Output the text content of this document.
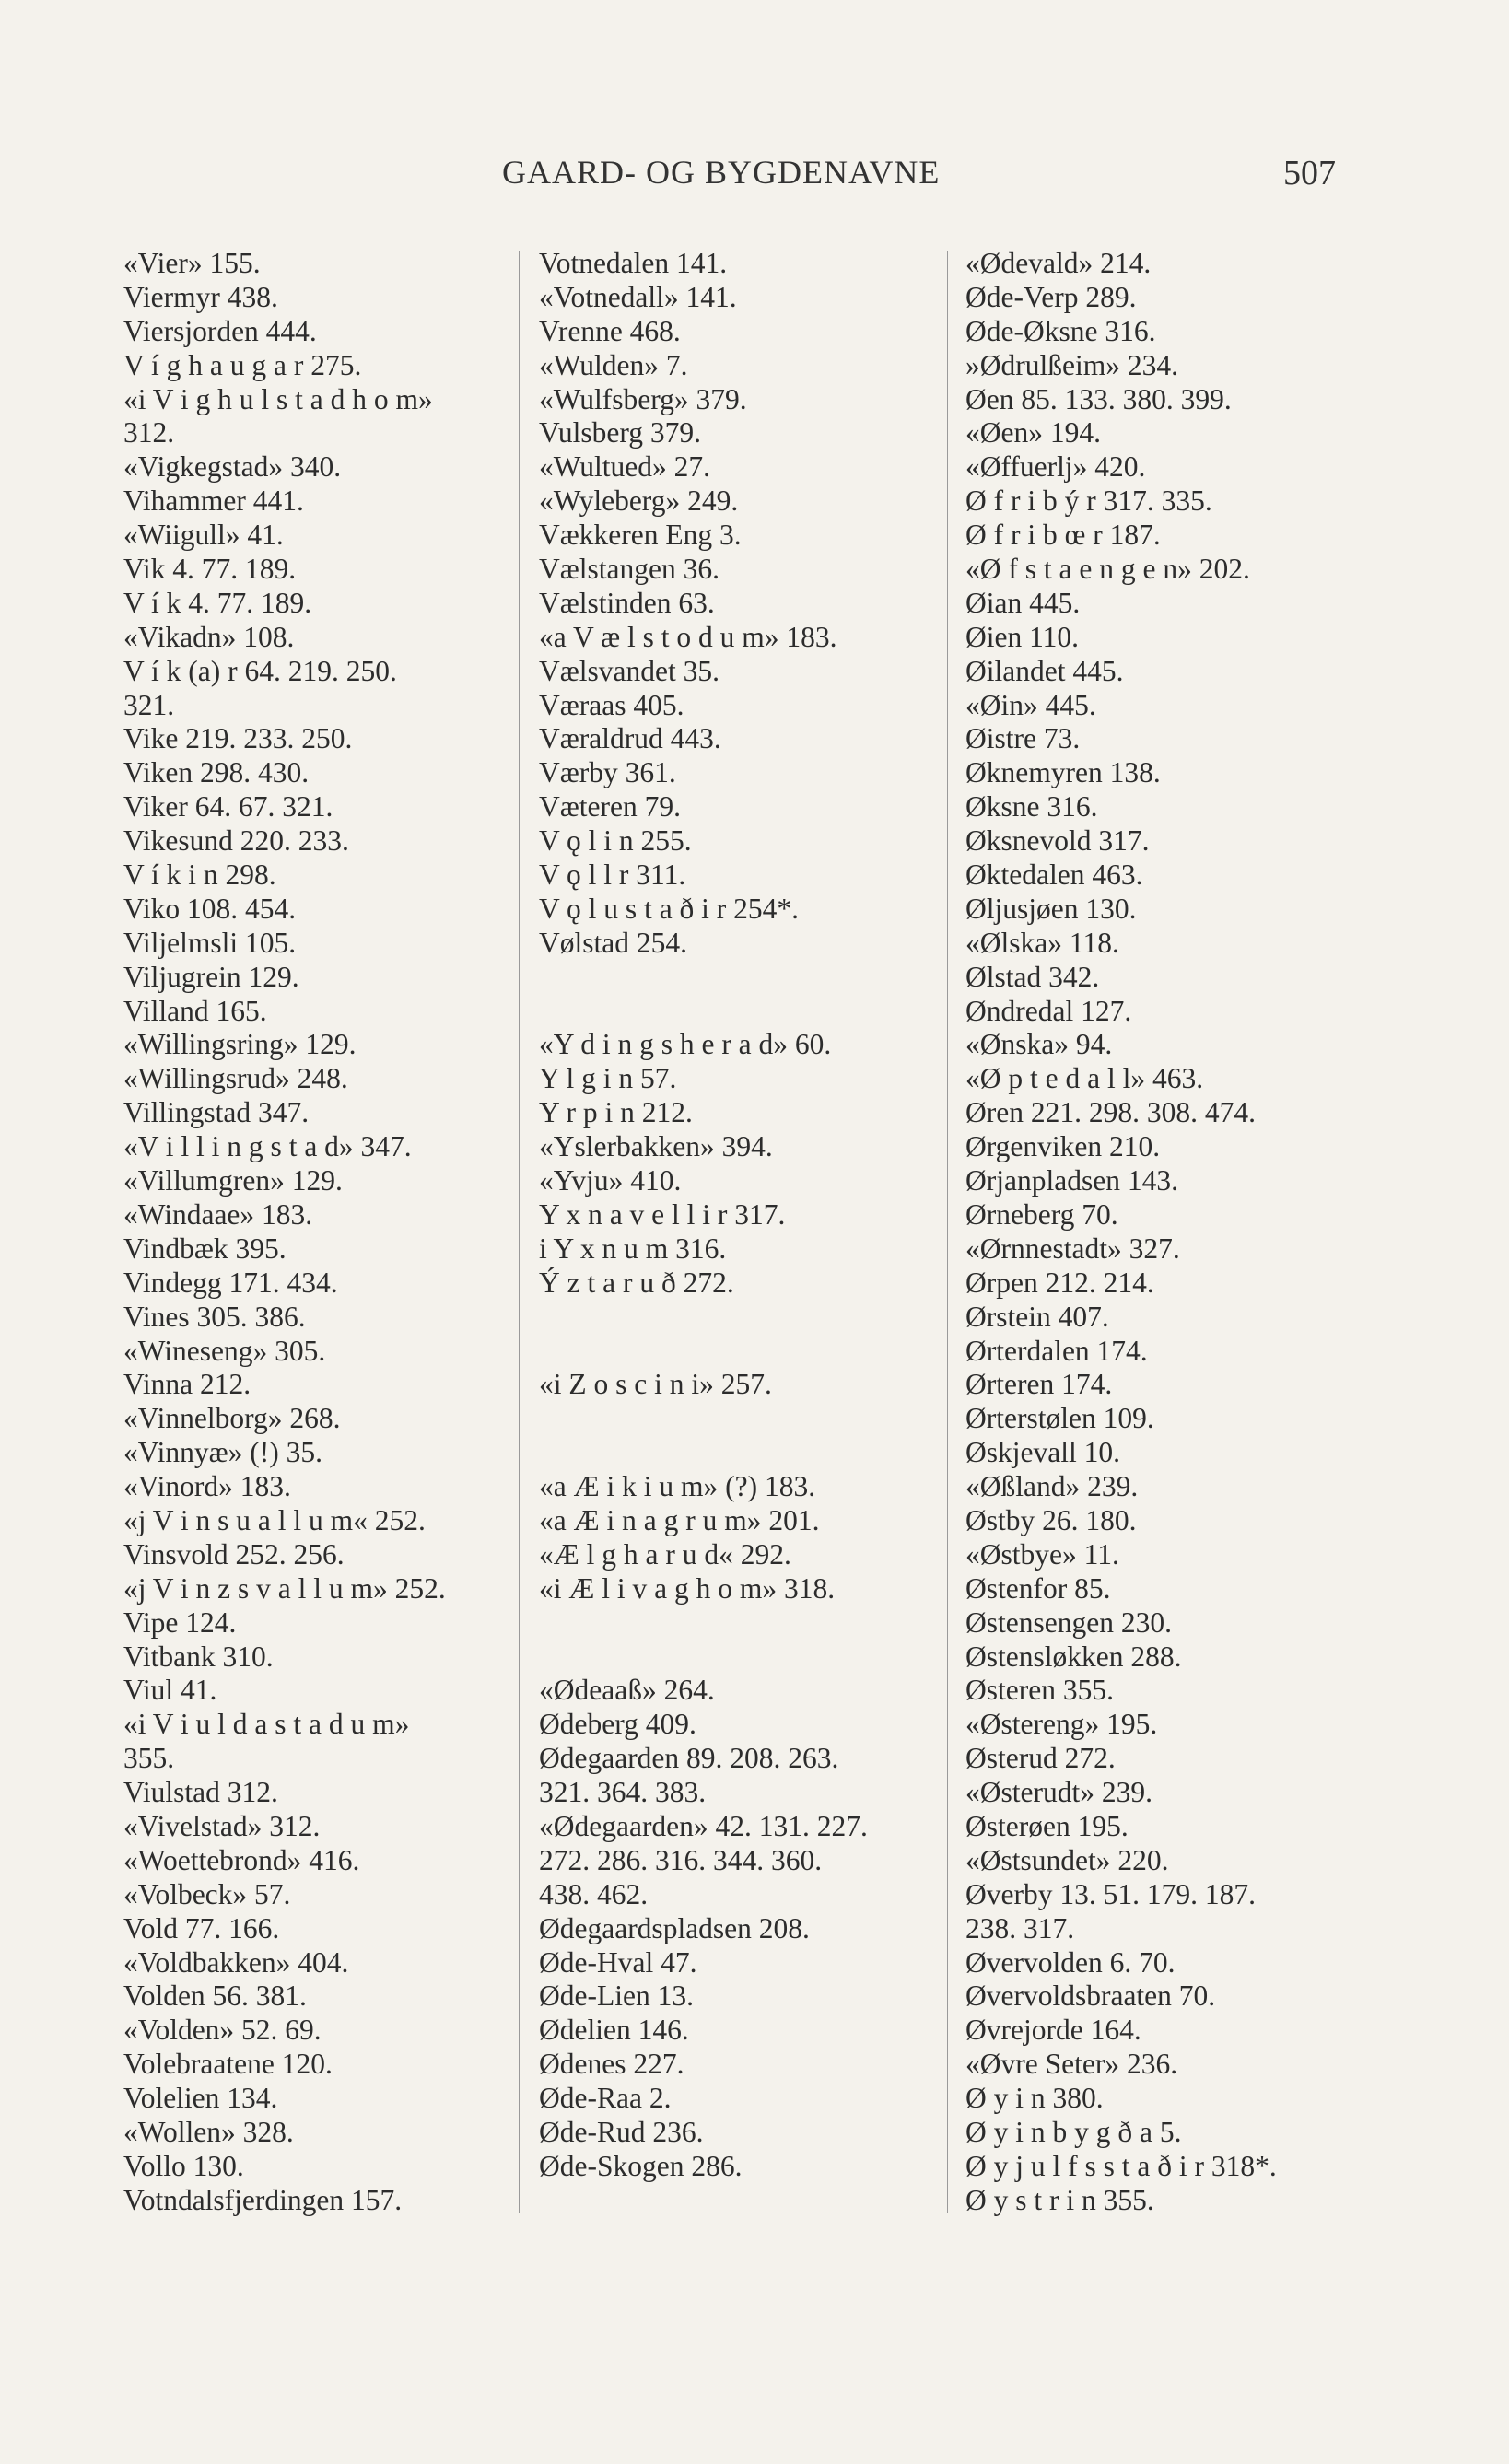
GAARD- OG BYGDENAVNE	507
«Vier» 155.
Viermyr 438.
Viersjorden 444.
V í g h a u g a r 275.
«i V i g h u l s t a d h o m»
312.
«Vigkegstad» 340.
Vihammer 441.
«Wiigull» 41.
Vik 4. 77. 189.
V í k 4. 77. 189.
«Vikadn» 108.
V í k (a) r 64. 219. 250.
321.
Vike 219. 233. 250.
Viken 298. 430.
Viker 64. 67. 321.
Vikesund 220. 233.
V í k i n 298.
Viko 108. 454.
Viljelmsli 105.
Viljugrein 129.
Villand 165.
«Willingsring» 129.
«Willingsrud» 248.
Villingstad 347.
«V i l l i n g s t a d» 347.
«Villumgren» 129.
«Windaae» 183.
Vindbæk 395.
Vindegg 171. 434.
Vines 305. 386.
«Wineseng» 305.
Vinna 212.
«Vinnelborg» 268.
«Vinnyæ» (!) 35.
«Vinord» 183.
«j V i n s u a l l u m« 252.
Vinsvold 252. 256.
«j V i n z s v a l l u m» 252.
Vipe 124.
Vitbank 310.
Viul 41.
«i V i u l d a s t a d u m»
355.
Viulstad 312.
«Vivelstad» 312.
«Woettebrond» 416.
«Volbeck» 57.
Vold 77. 166.
«Voldbakken» 404.
Volden 56. 381.
«Volden» 52. 69.
Volebraatene 120.
Volelien 134.
«Wollen» 328.
Vollo 130.
Votndalsfjerdingen 157.
Votnedalen 141.
«Votnedall» 141.
Vrenne 468.
«Wulden» 7.
«Wulfsberg» 379.
Vulsberg 379.
«Wultued» 27.
«Wyleberg» 249.
Vækkeren Eng 3.
Vælstangen 36.
Vælstinden 63.
«a V æ l s t o d u m» 183.
Vælsvandet 35.
Væraas 405.
Væraldrud 443.
Værby 361.
Væteren 79.
V ǫ l i n 255.
V ǫ l l r 311.
V ǫ l u s t a ð i r 254*.
Vølstad 254.
«Y d i n g s h e r a d» 60.
Y l g i n 57.
Y r p i n 212.
«Yslerbakken» 394.
«Yvju» 410.
Y x n a v e l l i r 317.
i Y x n u m 316.
Ý z t a r u ð 272.
«i Z o s c i n i» 257.
«a Æ i k i u m» (?) 183.
«a Æ i n a g r u m» 201.
«Æ l g h a r u d« 292.
«i Æ l i v a g h o m» 318.
«Ødeaaß» 264.
Ødeberg 409.
Ødegaarden 89. 208. 263.
321. 364. 383.
«Ødegaarden» 42. 131. 227.
272. 286. 316. 344. 360.
438. 462.
Ødegaardspladsen 208.
Øde-Hval 47.
Øde-Lien 13.
Ødelien 146.
Ødenes 227.
Øde-Raa 2.
Øde-Rud 236.
Øde-Skogen 286.
«Ødevald» 214.
Øde-Verp 289.
Øde-Øksne 316.
»Ødrulßeim» 234.
Øen 85. 133. 380. 399.
«Øen» 194.
«Øffuerlj» 420.
Ø f r i b ý r 317. 335.
Ø f r i b œ r 187.
«Ø f s t a e n g e n» 202.
Øian 445.
Øien 110.
Øilandet 445.
«Øin» 445.
Øistre 73.
Øknemyren 138.
Øksne 316.
Øksnevold 317.
Øktedalen 463.
Øljusjøen 130.
«Ølska» 118.
Ølstad 342.
Øndredal 127.
«Ønska» 94.
«Ø p t e d a l l» 463.
Øren 221. 298. 308. 474.
Ørgenviken 210.
Ørjanpladsen 143.
Ørneberg 70.
«Ørnnestadt» 327.
Ørpen 212. 214.
Ørstein 407.
Ørterdalen 174.
Ørteren 174.
Ørterstølen 109.
Øskjevall 10.
«Øßland» 239.
Østby 26. 180.
«Østbye» 11.
Østenfor 85.
Østensengen 230.
Østensløkken 288.
Østeren 355.
«Østereng» 195.
Østerud 272.
«Østerudt» 239.
Østerøen 195.
«Østsundet» 220.
Øverby 13. 51. 179. 187.
238. 317.
Øvervolden 6. 70.
Øvervoldsbraaten 70.
Øvrejorde 164.
«Øvre Seter» 236.
Ø y i n 380.
Ø y i n b y g ð a 5.
Ø y j u l f s s t a ð i r 318*.
Ø y s t r i n 355.
